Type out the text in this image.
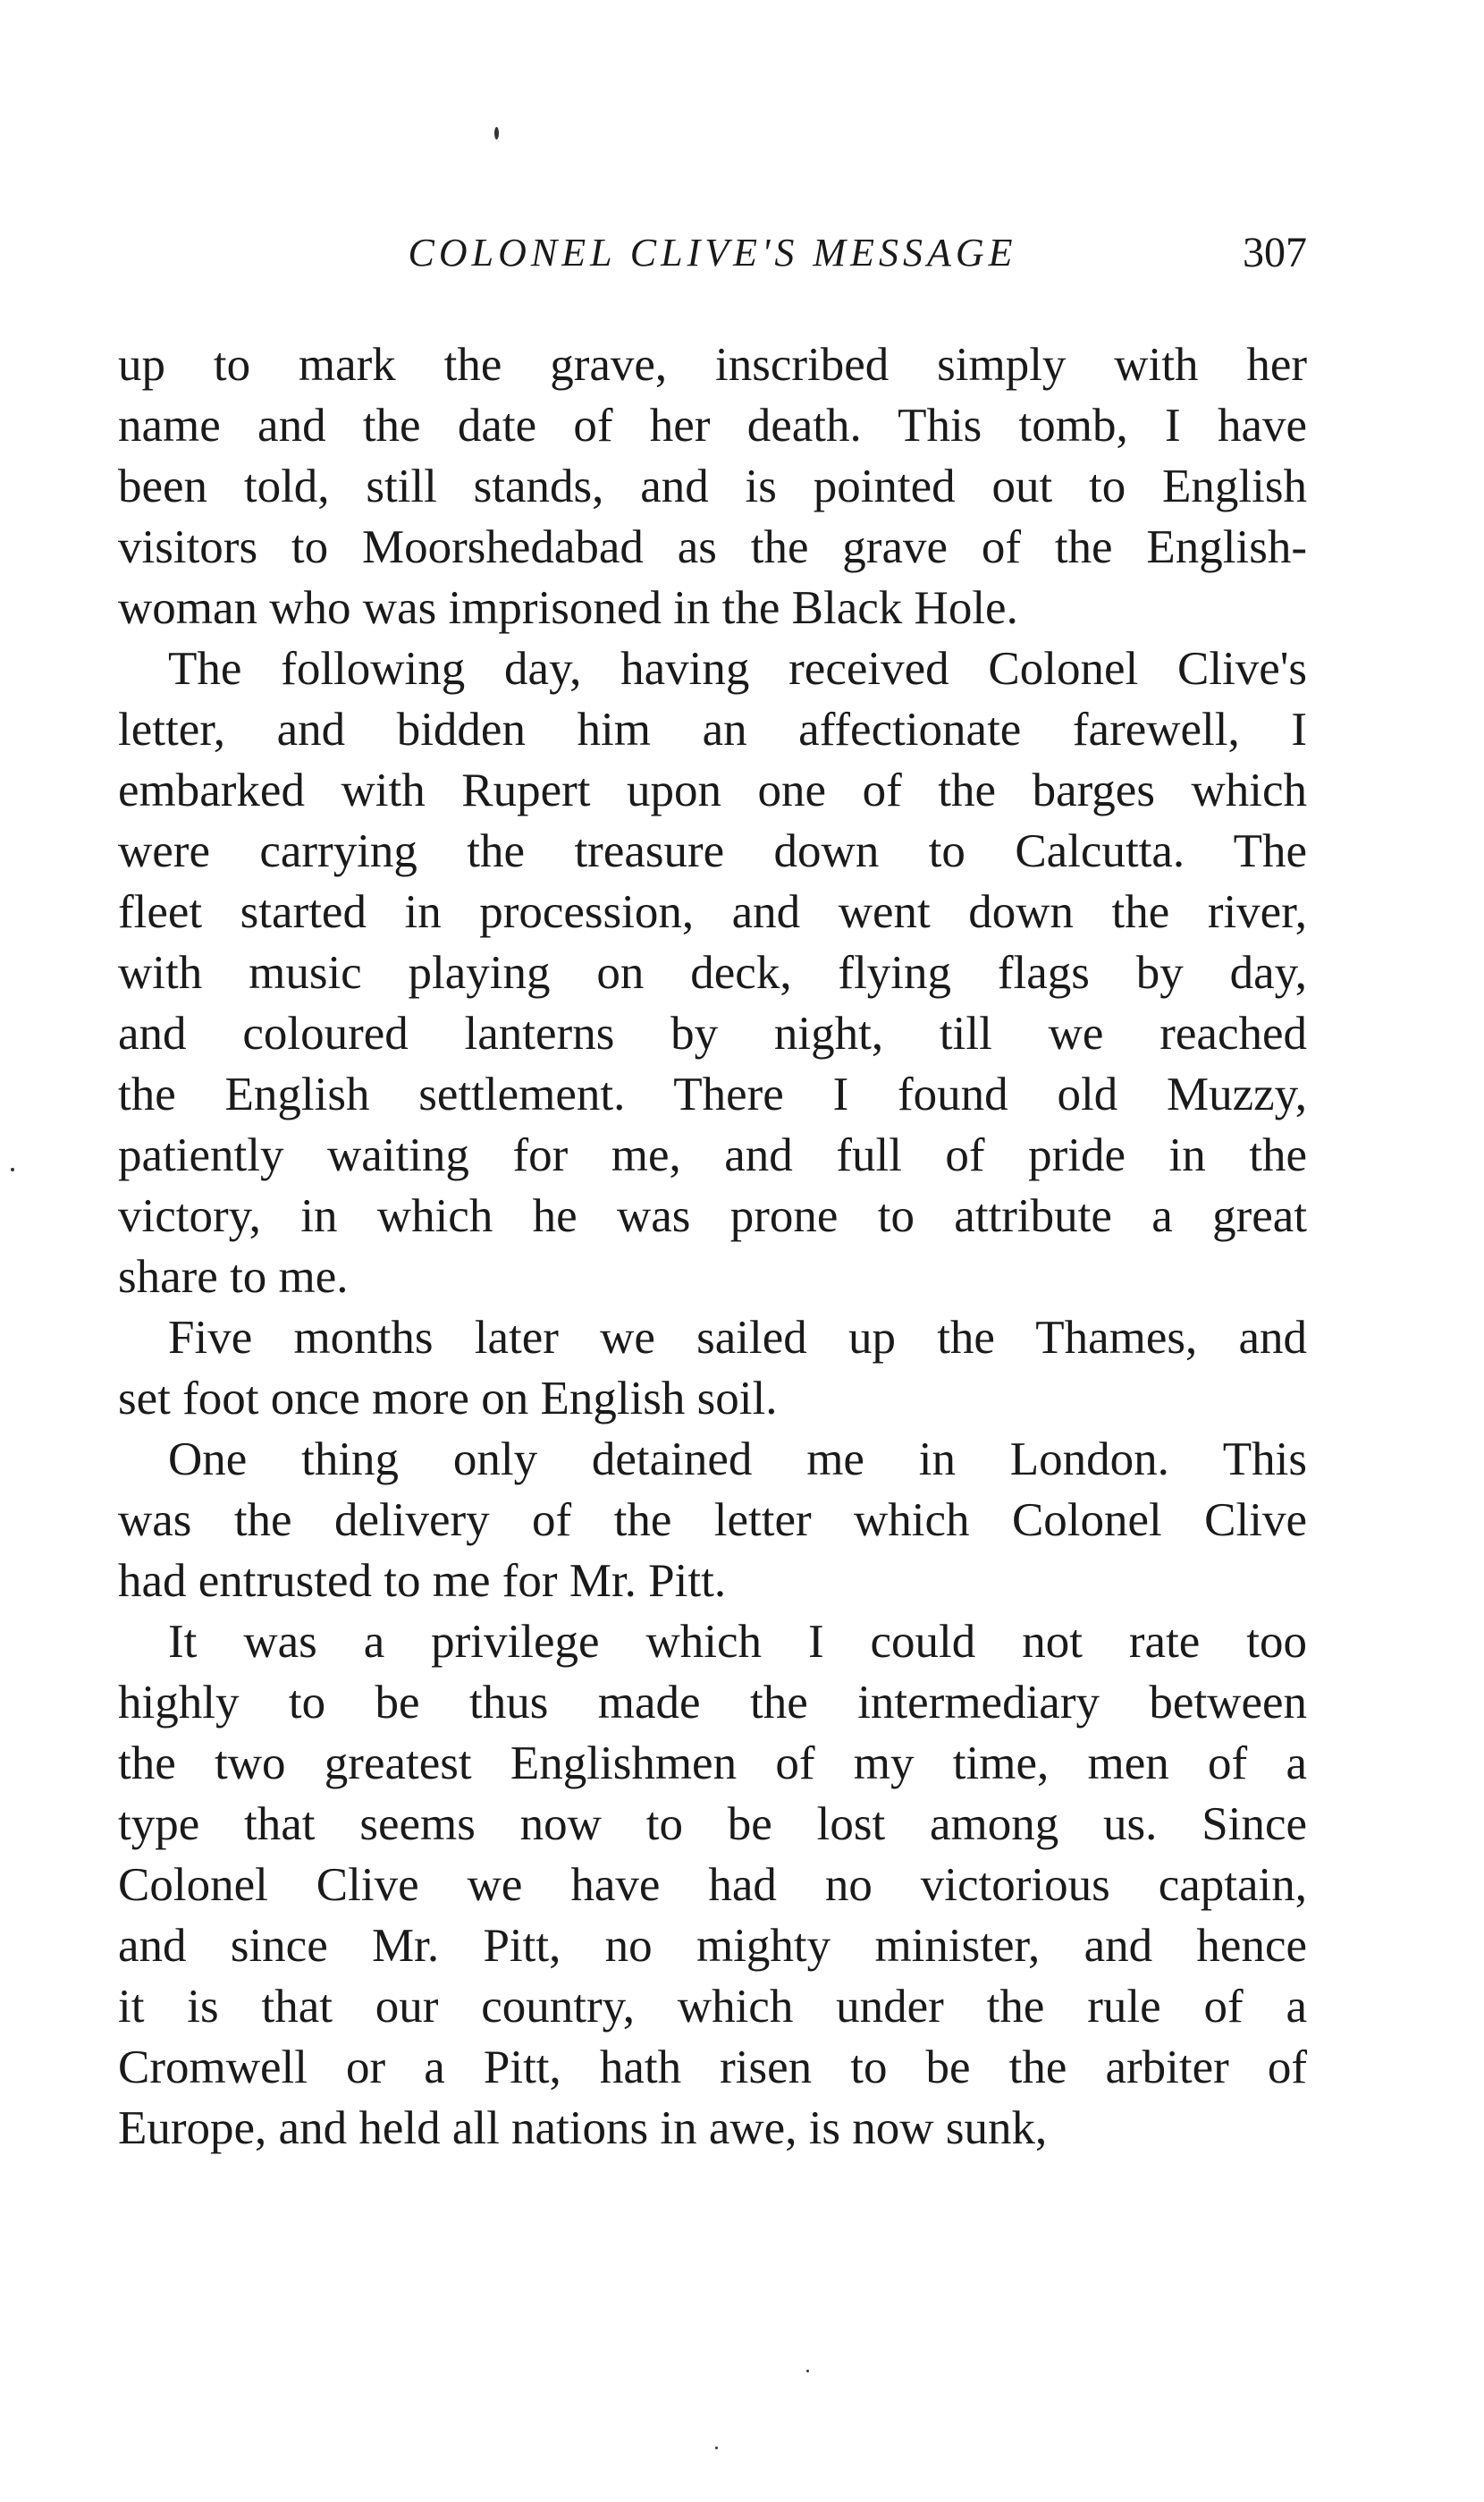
COLONEL CLIVE'S MESSAGE	307
up to mark the grave, inscribed simply with her
name and the date of her death. This tomb, I have
been told, still stands, and is pointed out to English
visitors to Moorshedabad as the grave of the English-
woman who was imprisoned in the Black Hole.
The following day, having received Colonel Clive's
letter, and bidden him an affectionate farewell, I
embarked with Rupert upon one of the barges which
were carrying the treasure down to Calcutta. The
fleet started in procession, and went down the river,
with music playing on deck, flying flags by day,
and coloured lanterns by night, till we reached
the English settlement. There I found old Muzzy,
patiently waiting for me, and full of pride in the
victory, in which he was prone to attribute a great
share to me.
Five months later we sailed up the Thames, and
set foot once more on English soil.
One thing only detained me in London. This
was the delivery of the letter which Colonel Clive
had entrusted to me for Mr. Pitt.
It was a privilege which I could not rate too
highly to be thus made the intermediary between
the two greatest Englishmen of my time, men of a
type that seems now to be lost among us. Since
Colonel Clive we have had no victorious captain,
and since Mr. Pitt, no mighty minister, and hence
it is that our country, which under the rule of a
Cromwell or a Pitt, hath risen to be the arbiter of
Europe, and held all nations in awe, is now sunk,
